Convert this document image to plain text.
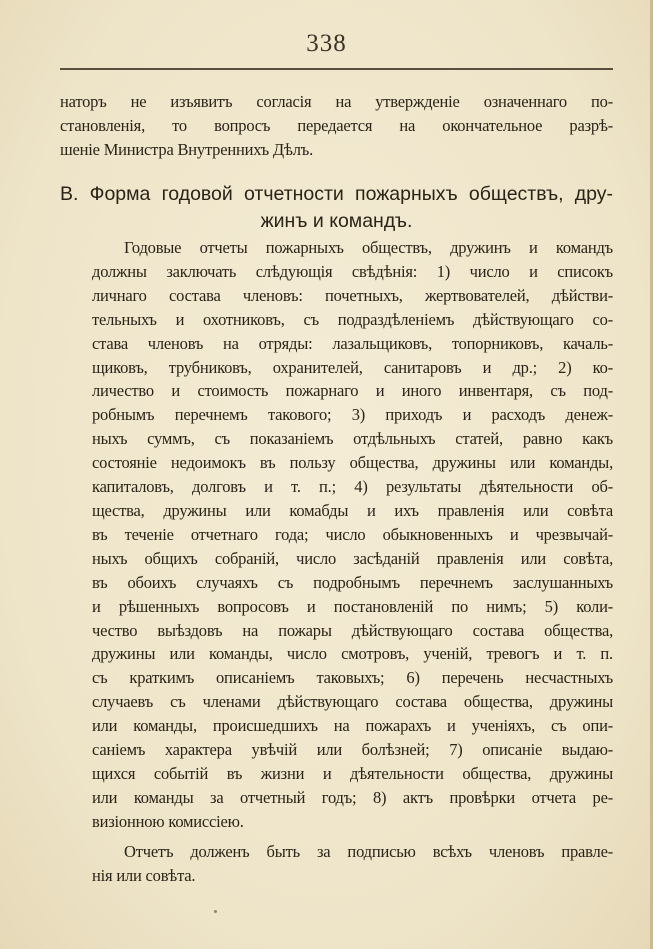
338
наторъ не изъявитъ согласія на утвержденіе означеннаго по-
становленія, то вопросъ передается на окончательное разрѣ-
шеніе Министра Внутреннихъ Дѣлъ.
В. Форма годовой отчетности пожарныхъ обществъ, дру-
жинъ и командъ.
Годовые отчеты пожарныхъ обществъ, дружинъ и командъ
должны заключать слѣдующія свѣдѣнія: 1) число и списокъ
личнаго состава членовъ: почетныхъ, жертвователей, дѣйстви-
тельныхъ и охотниковъ, съ подраздѣленіемъ дѣйствующаго со-
става членовъ на отряды: лазальщиковъ, топорниковъ, качаль-
щиковъ, трубниковъ, охранителей, санитаровъ и др.; 2) ко-
личество и стоимость пожарнаго и иного инвентаря, съ под-
робнымъ перечнемъ такового; 3) приходъ и расходъ денеж-
ныхъ суммъ, съ показаніемъ отдѣльныхъ статей, равно какъ
состояніе недоимокъ въ пользу общества, дружины или команды,
капиталовъ, долговъ и т. п.; 4) результаты дѣятельности об-
щества, дружины или комабды и ихъ правленія или совѣта
въ теченіе отчетнаго года; число обыкновенныхъ и чрезвычай-
ныхъ общихъ собраній, число засѣданій правленія или совѣта,
въ обоихъ случаяхъ съ подробнымъ перечнемъ заслушанныхъ
и рѣшенныхъ вопросовъ и постановленій по нимъ; 5) коли-
чество выѣздовъ на пожары дѣйствующаго состава общества,
дружины или команды, число смотровъ, ученій, тревогъ и т. п.
съ краткимъ описаніемъ таковыхъ; 6) перечень несчастныхъ
случаевъ съ членами дѣйствующаго состава общества, дружины
или команды, происшедшихъ на пожарахъ и ученіяхъ, съ опи-
саніемъ характера увѣчій или болѣзней; 7) описаніе выдаю-
щихся событій въ жизни и дѣятельности общества, дружины
или команды за отчетный годъ; 8) актъ провѣрки отчета ре-
визіонною комиссіею.
Отчетъ долженъ быть за подписью всѣхъ членовъ правле-
нія или совѣта.
